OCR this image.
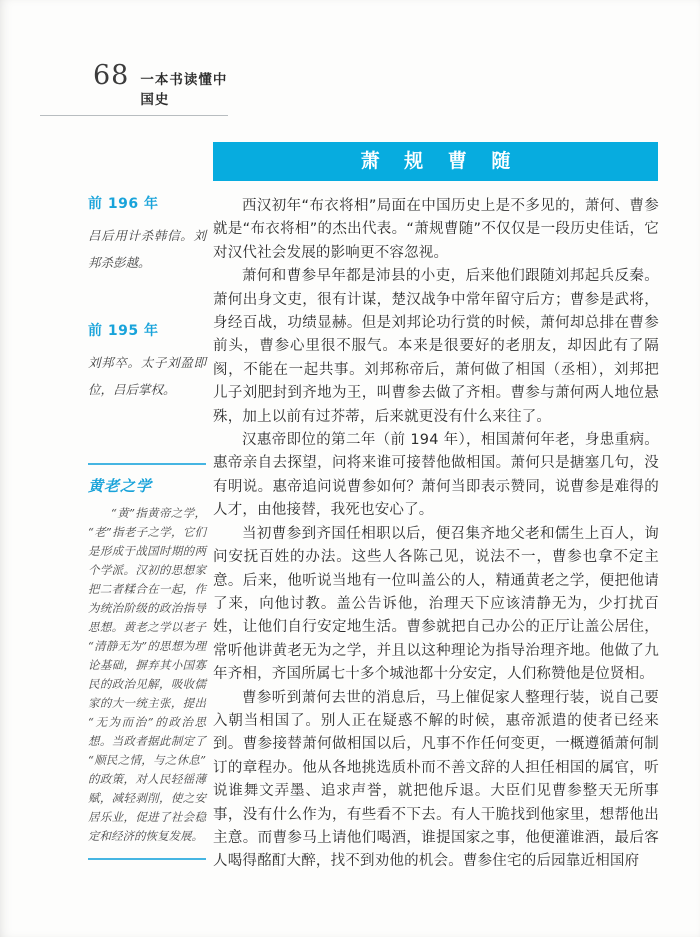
68 一本书读懂中国史
萧 规 曹 随
前 196 年
吕后用计杀韩信。刘邦杀彭越。
前 195 年
刘邦卒。太子刘盈即位，吕后掌权。
黄老之学
“黄”指黄帝之学，“老”指老子之学，它们是形成于战国时期的两个学派。汉初的思想家把二者糅合在一起，作为统治阶级的政治指导思想。黄老之学以老子“清静无为”的思想为理论基础，摒弃其小国寡民的政治见解，吸收儒家的大一统主张，提出“无为而治”的政治思想。当政者据此制定了“顺民之情，与之休息”的政策，对人民轻徭薄赋，减轻剥削，使之安居乐业，促进了社会稳定和经济的恢复发展。

西汉初年“布衣将相”局面在中国历史上是不多见的，萧何、曹参就是“布衣将相”的杰出代表。“萧规曹随”不仅仅是一段历史佳话，它对汉代社会发展的影响更不容忽视。

萧何和曹参早年都是沛县的小吏，后来他们跟随刘邦起兵反秦。萧何出身文吏，很有计谋，楚汉战争中常年留守后方；曹参是武将，身经百战，功绩显赫。但是刘邦论功行赏的时候，萧何却总排在曹参前头，曹参心里很不服气。本来是很要好的老朋友，却因此有了隔阂，不能在一起共事。刘邦称帝后，萧何做了相国（丞相），刘邦把儿子刘肥封到齐地为王，叫曹参去做了齐相。曹参与萧何两人地位悬殊，加上以前有过芥蒂，后来就更没有什么来往了。

汉惠帝即位的第二年（前 194 年），相国萧何年老，身患重病。惠帝亲自去探望，问将来谁可接替他做相国。萧何只是搪塞几句，没有明说。惠帝追问说曹参如何？萧何当即表示赞同，说曹参是难得的人才，由他接替，我死也安心了。

当初曹参到齐国任相职以后，便召集齐地父老和儒生上百人，询问安抚百姓的办法。这些人各陈己见，说法不一，曹参也拿不定主意。后来，他听说当地有一位叫盖公的人，精通黄老之学，便把他请了来，向他讨教。盖公告诉他，治理天下应该清静无为，少打扰百姓，让他们自行安定地生活。曹参就把自己办公的正厅让盖公居住，常听他讲黄老无为之学，并且以这种理论为指导治理齐地。他做了九年齐相，齐国所属七十多个城池都十分安定，人们称赞他是位贤相。

曹参听到萧何去世的消息后，马上催促家人整理行装，说自己要入朝当相国了。别人正在疑惑不解的时候，惠帝派遣的使者已经来到。曹参接替萧何做相国以后，凡事不作任何变更，一概遵循萧何制订的章程办。他从各地挑选质朴而不善文辞的人担任相国的属官，听说谁舞文弄墨、追求声誉，就把他斥退。大臣们见曹参整天无所事事，没有什么作为，有些看不下去。有人干脆找到他家里，想帮他出主意。而曹参马上请他们喝酒，谁提国家之事，他便灌谁酒，最后客人喝得酩酊大醉，找不到劝他的机会。曹参住宅的后园靠近相国府
